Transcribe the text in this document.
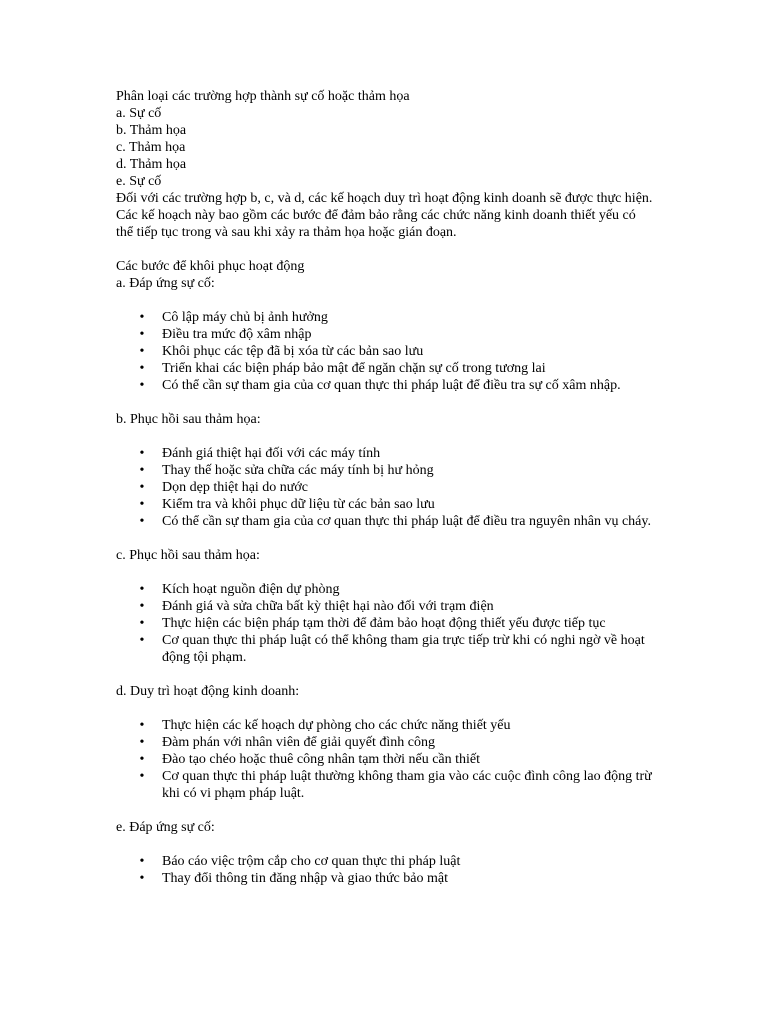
Phân loại các trường hợp thành sự cố hoặc thảm họa

a. Sự cố

b. Thảm họa

c. Thảm họa

d. Thảm họa

e. Sự cố

Đối với các trường hợp b, c, và d, các kế hoạch duy trì hoạt động kinh doanh sẽ được thực hiện. Các kế hoạch này bao gồm các bước để đảm bảo rằng các chức năng kinh doanh thiết yếu có thể tiếp tục trong và sau khi xảy ra thảm họa hoặc gián đoạn.

Các bước để khôi phục hoạt động

a. Đáp ứng sự cố:

• Cô lập máy chủ bị ảnh hưởng
• Điều tra mức độ xâm nhập
• Khôi phục các tệp đã bị xóa từ các bản sao lưu
• Triển khai các biện pháp bảo mật để ngăn chặn sự cố trong tương lai
• Có thể cần sự tham gia của cơ quan thực thi pháp luật để điều tra sự cố xâm nhập.

b. Phục hồi sau thảm họa:

• Đánh giá thiệt hại đối với các máy tính
• Thay thế hoặc sửa chữa các máy tính bị hư hỏng
• Dọn dẹp thiệt hại do nước
• Kiểm tra và khôi phục dữ liệu từ các bản sao lưu
• Có thể cần sự tham gia của cơ quan thực thi pháp luật để điều tra nguyên nhân vụ cháy.

c. Phục hồi sau thảm họa:

• Kích hoạt nguồn điện dự phòng
• Đánh giá và sửa chữa bất kỳ thiệt hại nào đối với trạm điện
• Thực hiện các biện pháp tạm thời để đảm bảo hoạt động thiết yếu được tiếp tục
• Cơ quan thực thi pháp luật có thể không tham gia trực tiếp trừ khi có nghi ngờ về hoạt động tội phạm.

d. Duy trì hoạt động kinh doanh:

• Thực hiện các kế hoạch dự phòng cho các chức năng thiết yếu
• Đàm phán với nhân viên để giải quyết đình công
• Đào tạo chéo hoặc thuê công nhân tạm thời nếu cần thiết
• Cơ quan thực thi pháp luật thường không tham gia vào các cuộc đình công lao động trừ khi có vi phạm pháp luật.

e. Đáp ứng sự cố:

• Báo cáo việc trộm cắp cho cơ quan thực thi pháp luật
• Thay đổi thông tin đăng nhập và giao thức bảo mật
